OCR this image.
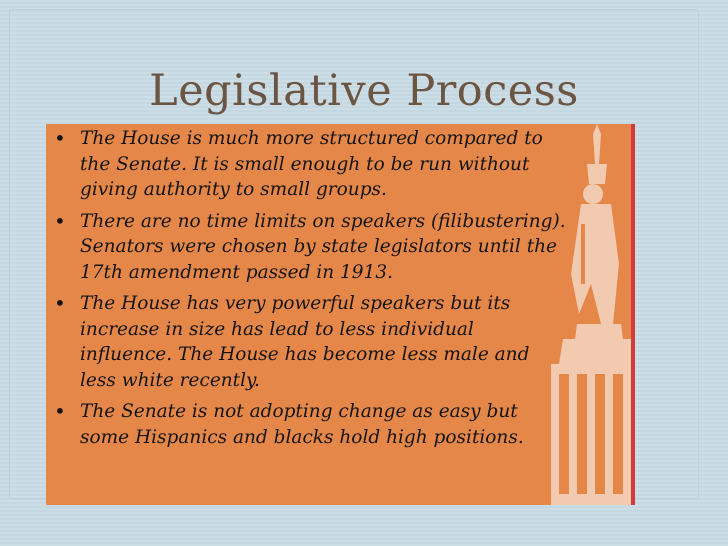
Legislative Process
• The House is much more structured compared to the Senate. It is small enough to be run without giving authority to small groups.
• There are no time limits on speakers (filibustering). Senators were chosen by state legislators until the 17th amendment passed in 1913.
• The House has very powerful speakers but its increase in size has lead to less individual influence. The House has become less male and less white recently.
• The Senate is not adopting change as easy but some Hispanics and blacks hold high positions.
